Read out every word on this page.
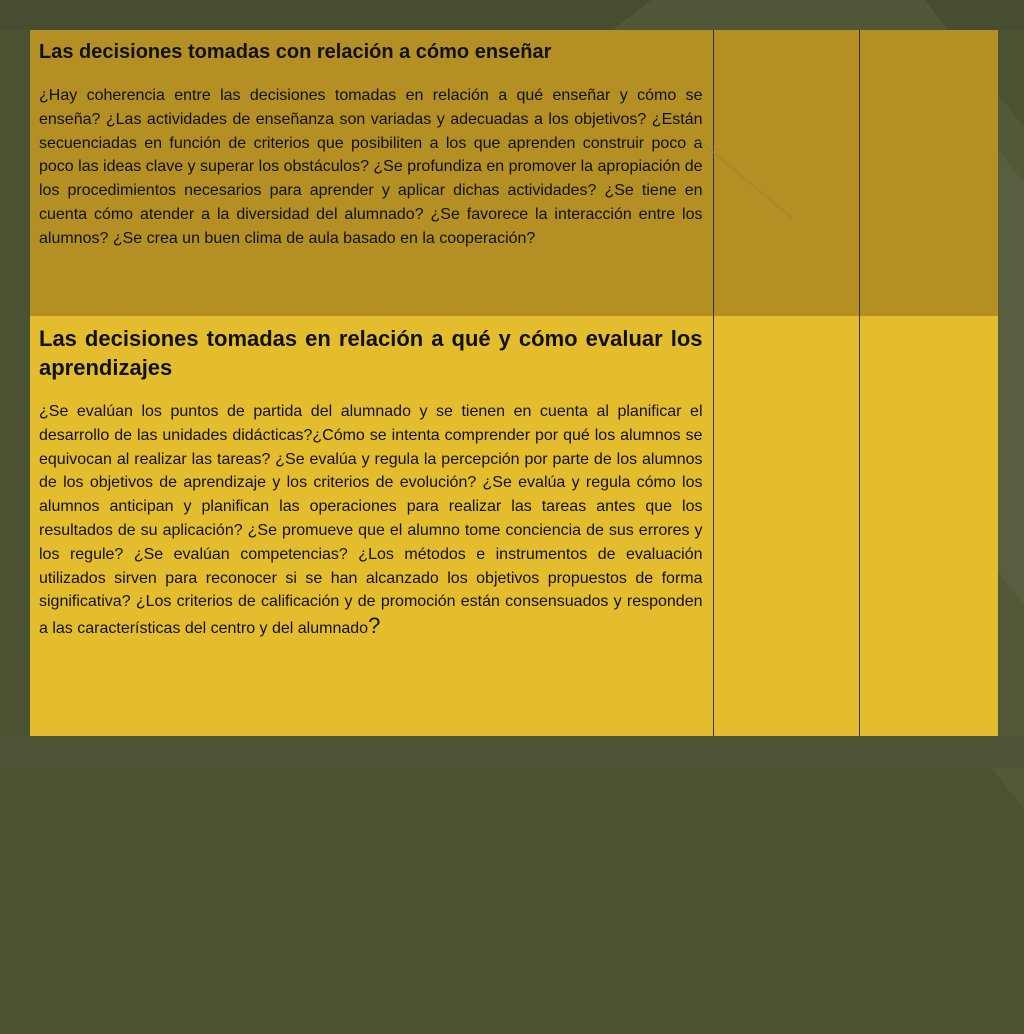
Las decisiones tomadas con relación a cómo enseñar

¿Hay coherencia entre las decisiones tomadas en relación a qué enseñar y cómo se enseña? ¿Las actividades de enseñanza son variadas y adecuadas a los objetivos? ¿Están secuenciadas en función de criterios que posibiliten a los que aprenden construir poco a poco las ideas clave y superar los obstáculos? ¿Se profundiza en promover la apropiación de los procedimientos necesarios para aprender y aplicar dichas actividades? ¿Se tiene en cuenta cómo atender a la diversidad del alumnado? ¿Se favorece la interacción entre los alumnos? ¿Se crea un buen clima de aula basado en la cooperación?		

Las decisiones tomadas en relación a qué y cómo evaluar los aprendizajes

¿Se evalúan los puntos de partida del alumnado y se tienen en cuenta al planificar el desarrollo de las unidades didácticas?¿Cómo se intenta comprender por qué los alumnos se equivocan al realizar las tareas? ¿Se evalúa y regula la percepción por parte de los alumnos de los objetivos de aprendizaje y los criterios de evolución? ¿Se evalúa y regula cómo los alumnos anticipan y planifican las operaciones para realizar las tareas antes que los resultados de su aplicación? ¿Se promueve que el alumno tome conciencia de sus errores y los regule? ¿Se evalúan competencias? ¿Los métodos e instrumentos de evaluación utilizados sirven para reconocer si se han alcanzado los objetivos propuestos de forma significativa? ¿Los criterios de calificación y de promoción están consensuados y responden a las características del centro y del alumnado?		
